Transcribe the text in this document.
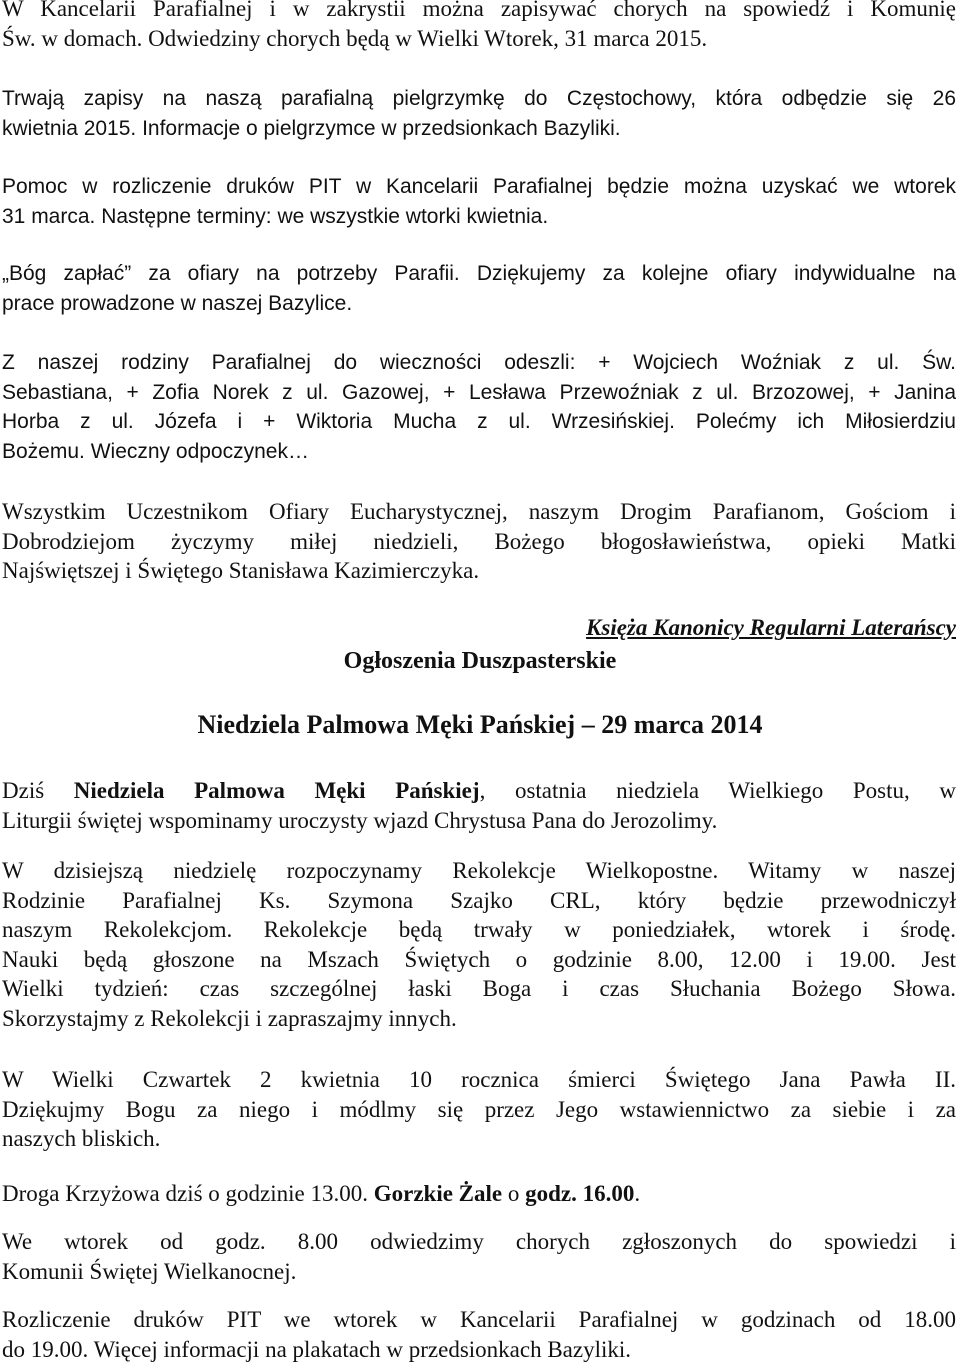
W Kancelarii Parafialnej i w zakrystii można zapisywać chorych na spowiedź i Komunię
Św. w domach. Odwiedziny chorych będą w Wielki Wtorek, 31 marca 2015.

Trwają zapisy na naszą parafialną pielgrzymkę do Częstochowy, która odbędzie się 26
kwietnia 2015. Informacje o pielgrzymce w przedsionkach Bazyliki.

Pomoc w rozliczenie druków PIT w Kancelarii Parafialnej będzie można uzyskać we wtorek
31 marca. Następne terminy: we wszystkie wtorki kwietnia.

„Bóg zapłać” za ofiary na potrzeby Parafii. Dziękujemy za kolejne ofiary indywidualne na
prace prowadzone w naszej Bazylice.

Z naszej rodziny Parafialnej do wieczności odeszli: + Wojciech Woźniak z ul. Św.
Sebastiana, + Zofia Norek z ul. Gazowej, + Lesława Przewoźniak z ul. Brzozowej, + Janina
Horba z ul. Józefa i + Wiktoria Mucha z ul. Wrzesińskiej. Polećmy ich Miłosierdziu
Bożemu. Wieczny odpoczynek…

Wszystkim Uczestnikom Ofiary Eucharystycznej, naszym Drogim Parafianom, Gościom i
Dobrodziejom życzymy miłej niedzieli, Bożego błogosławieństwa, opieki Matki
Najświętszej i Świętego Stanisława Kazimierczyka.

Księża Kanonicy Regularni Laterańscy
Ogłoszenia Duszpasterskie
Niedziela Palmowa Męki Pańskiej – 29 marca 2014

Dziś Niedziela Palmowa Męki Pańskiej, ostatnia niedziela Wielkiego Postu, w
Liturgii świętej wspominamy uroczysty wjazd Chrystusa Pana do Jerozolimy.

W dzisiejszą niedzielę rozpoczynamy Rekolekcje Wielkopostne. Witamy w naszej
Rodzinie Parafialnej Ks. Szymona Szajko CRL, który będzie przewodniczył
naszym Rekolekcjom. Rekolekcje będą trwały w poniedziałek, wtorek i środę.
Nauki będą głoszone na Mszach Świętych o godzinie 8.00, 12.00 i 19.00. Jest
Wielki tydzień: czas szczególnej łaski Boga i czas Słuchania Bożego Słowa.
Skorzystajmy z Rekolekcji i zapraszajmy innych.

W Wielki Czwartek 2 kwietnia 10 rocznica śmierci Świętego Jana Pawła II.
Dziękujmy Bogu za niego i módlmy się przez Jego wstawiennictwo za siebie i za
naszych bliskich.

Droga Krzyżowa dziś o godzinie 13.00. Gorzkie Żale o godz. 16.00.

We wtorek od godz. 8.00 odwiedzimy chorych zgłoszonych do spowiedzi i
Komunii Świętej Wielkanocnej.

Rozliczenie druków PIT we wtorek w Kancelarii Parafialnej w godzinach od 18.00
do 19.00. Więcej informacji na plakatach w przedsionkach Bazyliki.
